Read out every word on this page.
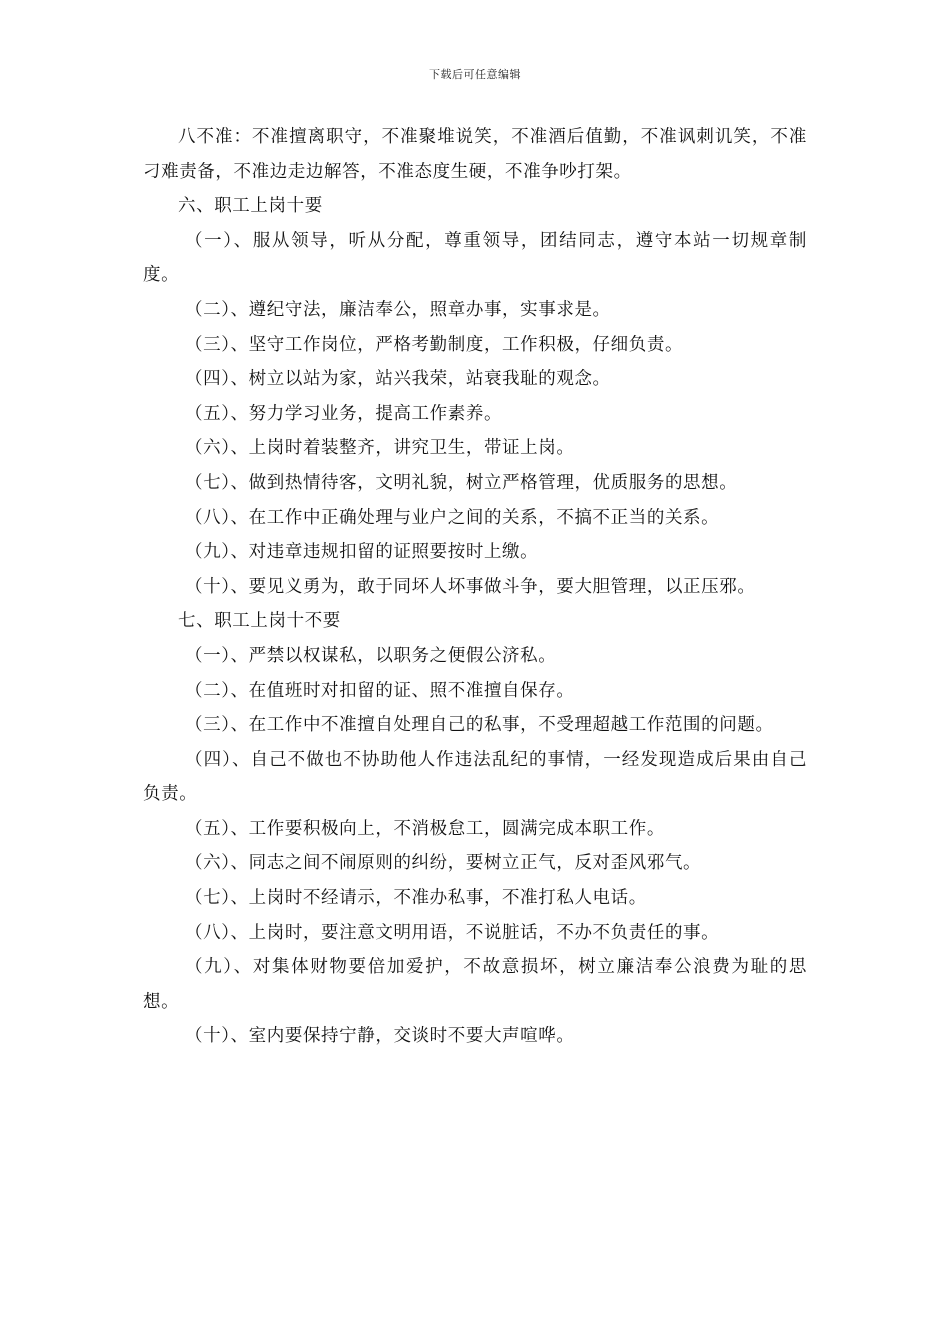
下载后可任意编辑

八不准：不准擅离职守，不准聚堆说笑，不准酒后值勤，不准讽刺讥笑，不准刁难责备，不准边走边解答，不准态度生硬，不准争吵打架。

六、职工上岗十要

（一）、服从领导，听从分配，尊重领导，团结同志，遵守本站一切规章制度。

（二）、遵纪守法，廉洁奉公，照章办事，实事求是。

（三）、坚守工作岗位，严格考勤制度，工作积极，仔细负责。

（四）、树立以站为家，站兴我荣，站衰我耻的观念。

（五）、努力学习业务，提高工作素养。

（六）、上岗时着装整齐，讲究卫生，带证上岗。

（七）、做到热情待客，文明礼貌，树立严格管理，优质服务的思想。

（八）、在工作中正确处理与业户之间的关系，不搞不正当的关系。

（九）、对违章违规扣留的证照要按时上缴。

（十）、要见义勇为，敢于同坏人坏事做斗争，要大胆管理，以正压邪。

七、职工上岗十不要

（一）、严禁以权谋私，以职务之便假公济私。

（二）、在值班时对扣留的证、照不准擅自保存。

（三）、在工作中不准擅自处理自己的私事，不受理超越工作范围的问题。

（四）、自己不做也不协助他人作违法乱纪的事情，一经发现造成后果由自己负责。

（五）、工作要积极向上，不消极怠工，圆满完成本职工作。

（六）、同志之间不闹原则的纠纷，要树立正气，反对歪风邪气。

（七）、上岗时不经请示，不准办私事，不准打私人电话。

（八）、上岗时，要注意文明用语，不说脏话，不办不负责任的事。

（九）、对集体财物要倍加爱护，不故意损坏，树立廉洁奉公浪费为耻的思想。

（十）、室内要保持宁静，交谈时不要大声喧哗。
